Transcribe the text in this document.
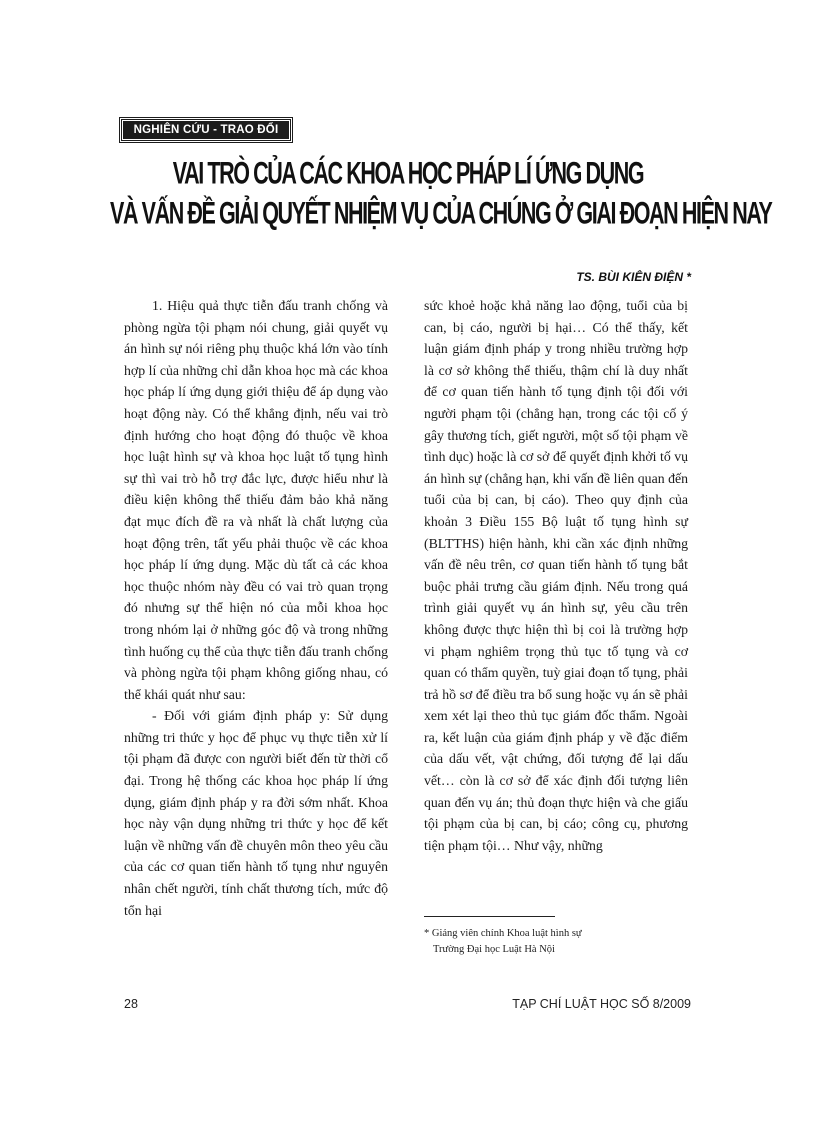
NGHIÊN CỨU - TRAO ĐỔI
VAI TRÒ CỦA CÁC KHOA HỌC PHÁP LÍ ỨNG DỤNG
VÀ VẤN ĐỀ GIẢI QUYẾT NHIỆM VỤ CỦA CHÚNG Ở GIAI ĐOẠN HIỆN NAY
TS. BÙI KIÊN ĐIỆN *

1. Hiệu quả thực tiễn đấu tranh chống và phòng ngừa tội phạm nói chung, giải quyết vụ án hình sự nói riêng phụ thuộc khá lớn vào tính hợp lí của những chỉ dẫn khoa học mà các khoa học pháp lí ứng dụng giới thiệu để áp dụng vào hoạt động này. Có thể khẳng định, nếu vai trò định hướng cho hoạt động đó thuộc về khoa học luật hình sự và khoa học luật tố tụng hình sự thì vai trò hỗ trợ đắc lực, được hiểu như là điều kiện không thể thiếu đảm bảo khả năng đạt mục đích đề ra và nhất là chất lượng của hoạt động trên, tất yếu phải thuộc về các khoa học pháp lí ứng dụng. Mặc dù tất cả các khoa học thuộc nhóm này đều có vai trò quan trọng đó nhưng sự thể hiện nó của mỗi khoa học trong nhóm lại ở những góc độ và trong những tình huống cụ thể của thực tiễn đấu tranh chống và phòng ngừa tội phạm không giống nhau, có thể khái quát như sau:

- Đối với giám định pháp y: Sử dụng những tri thức y học để phục vụ thực tiễn xử lí tội phạm đã được con người biết đến từ thời cổ đại. Trong hệ thống các khoa học pháp lí ứng dụng, giám định pháp y ra đời sớm nhất. Khoa học này vận dụng những tri thức y học để kết luận về những vấn đề chuyên môn theo yêu cầu của các cơ quan tiến hành tố tụng như nguyên nhân chết người, tính chất thương tích, mức độ tổn hại

sức khoẻ hoặc khả năng lao động, tuổi của bị can, bị cáo, người bị hại… Có thể thấy, kết luận giám định pháp y trong nhiều trường hợp là cơ sở không thể thiếu, thậm chí là duy nhất để cơ quan tiến hành tố tụng định tội đối với người phạm tội (chẳng hạn, trong các tội cố ý gây thương tích, giết người, một số tội phạm về tình dục) hoặc là cơ sở để quyết định khởi tố vụ án hình sự (chẳng hạn, khi vấn đề liên quan đến tuổi của bị can, bị cáo). Theo quy định của khoản 3 Điều 155 Bộ luật tố tụng hình sự (BLTTHS) hiện hành, khi cần xác định những vấn đề nêu trên, cơ quan tiến hành tố tụng bắt buộc phải trưng cầu giám định. Nếu trong quá trình giải quyết vụ án hình sự, yêu cầu trên không được thực hiện thì bị coi là trường hợp vi phạm nghiêm trọng thủ tục tố tụng và cơ quan có thẩm quyền, tuỳ giai đoạn tố tụng, phải trả hồ sơ để điều tra bổ sung hoặc vụ án sẽ phải xem xét lại theo thủ tục giám đốc thẩm. Ngoài ra, kết luận của giám định pháp y về đặc điểm của dấu vết, vật chứng, đối tượng để lại dấu vết… còn là cơ sở để xác định đối tượng liên quan đến vụ án; thủ đoạn thực hiện và che giấu tội phạm của bị can, bị cáo; công cụ, phương tiện phạm tội… Như vậy, những

* Giảng viên chính Khoa luật hình sự
Trường Đại học Luật Hà Nội
28	TẠP CHÍ LUẬT HỌC SỐ 8/2009
